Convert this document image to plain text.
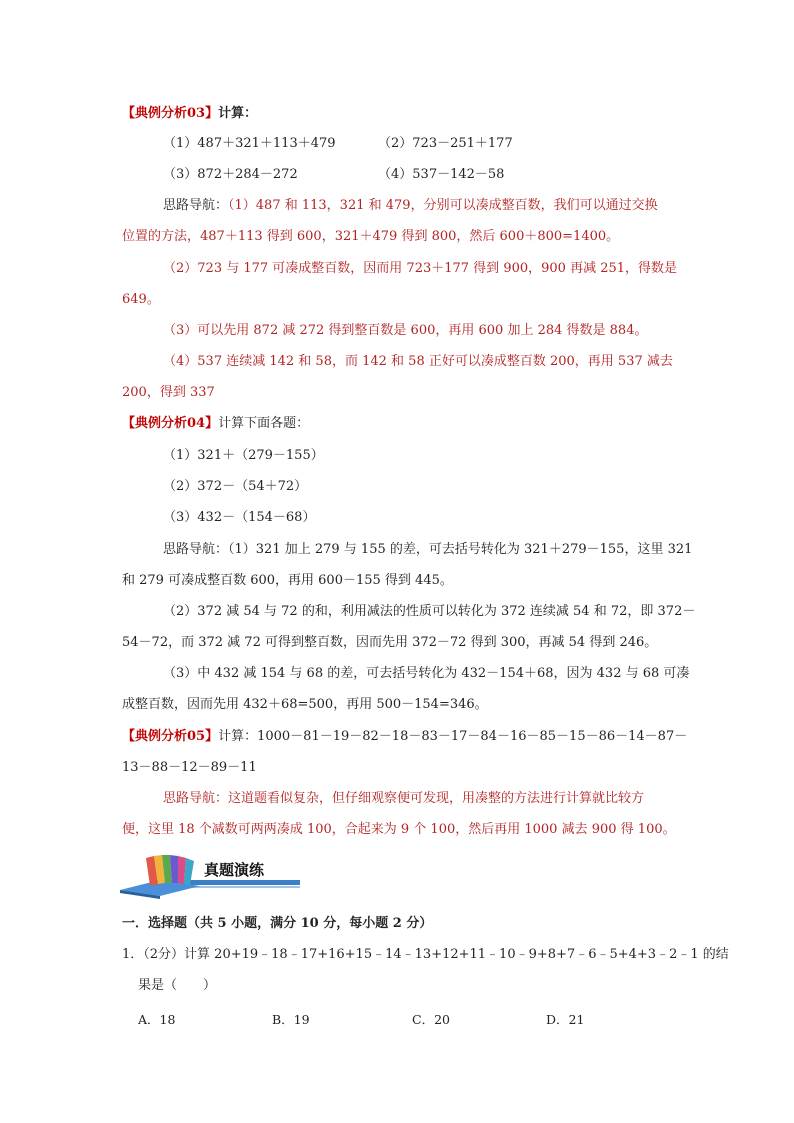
【典例分析03】计算：
（1）487＋321＋113＋479	（2）723－251＋177
（3）872＋284－272	（4）537－142－58
思路导航：（1）487 和 113，321 和 479，分别可以凑成整百数，我们可以通过交换
位置的方法，487＋113 得到 600，321＋479 得到 800，然后 600＋800=1400。
（2）723 与 177 可凑成整百数，因而用 723＋177 得到 900，900 再减 251，得数是
649。
（3）可以先用 872 减 272 得到整百数是 600，再用 600 加上 284 得数是 884。
（4）537 连续减 142 和 58，而 142 和 58 正好可以凑成整百数 200，再用 537 减去
200，得到 337
【典例分析04】计算下面各题：
（1）321＋（279－155）
（2）372－（54＋72）
（3）432－（154－68）
思路导航：（1）321 加上 279 与 155 的差，可去括号转化为 321＋279－155，这里 321
和 279 可凑成整百数 600，再用 600－155 得到 445。
（2）372 减 54 与 72 的和，利用减法的性质可以转化为 372 连续减 54 和 72，即 372－
54－72，而 372 减 72 可得到整百数，因而先用 372－72 得到 300，再减 54 得到 246。
（3）中 432 减 154 与 68 的差，可去括号转化为 432－154＋68，因为 432 与 68 可凑
成整百数，因而先用 432＋68=500，再用 500－154=346。
【典例分析05】计算：1000－81－19－82－18－83－17－84－16－85－15－86－14－87－
13－88－12－89－11
思路导航：这道题看似复杂，但仔细观察便可发现，用凑整的方法进行计算就比较方
便，这里 18 个减数可两两凑成 100，合起来为 9 个 100，然后再用 1000 减去 900 得 100。
真题演练
一．选择题（共 5 小题，满分 10 分，每小题 2 分）
1．（2分）计算 20+19﹣18﹣17+16+15﹣14﹣13+12+11﹣10﹣9+8+7﹣6﹣5+4+3﹣2﹣1 的结
果是（　　）
A．18	B．19	C．20	D．21
